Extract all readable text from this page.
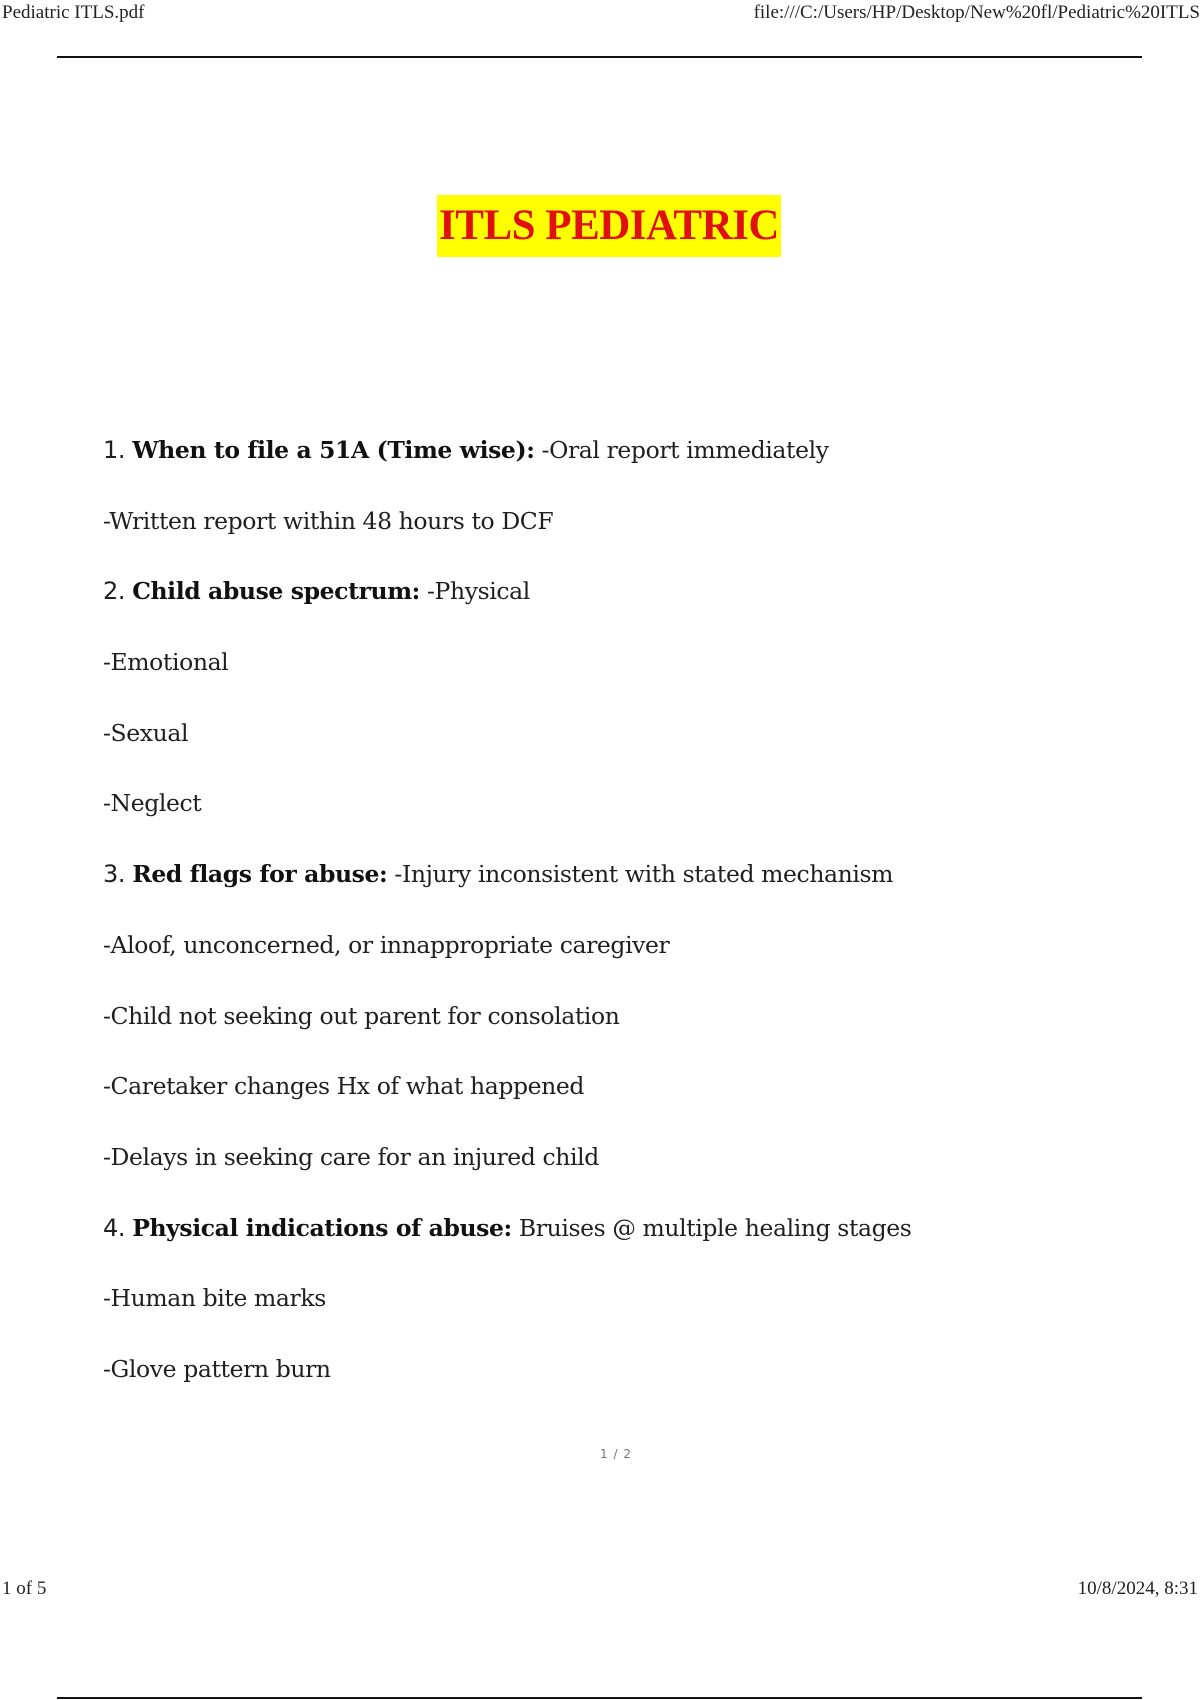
Pediatric ITLS.pdf	file:///C:/Users/HP/Desktop/New%20fl/Pediatric%20ITLS
ITLS PEDIATRIC
1. When to file a 51A (Time wise): -Oral report immediately
-Written report within 48 hours to DCF
2. Child abuse spectrum: -Physical
-Emotional
-Sexual
-Neglect
3. Red flags for abuse: -Injury inconsistent with stated mechanism
-Aloof, unconcerned, or innappropriate caregiver
-Child not seeking out parent for consolation
-Caretaker changes Hx of what happened
-Delays in seeking care for an injured child
4. Physical indications of abuse: Bruises @ multiple healing stages
-Human bite marks
-Glove pattern burn
1 / 2
1 of 5	10/8/2024, 8:31
